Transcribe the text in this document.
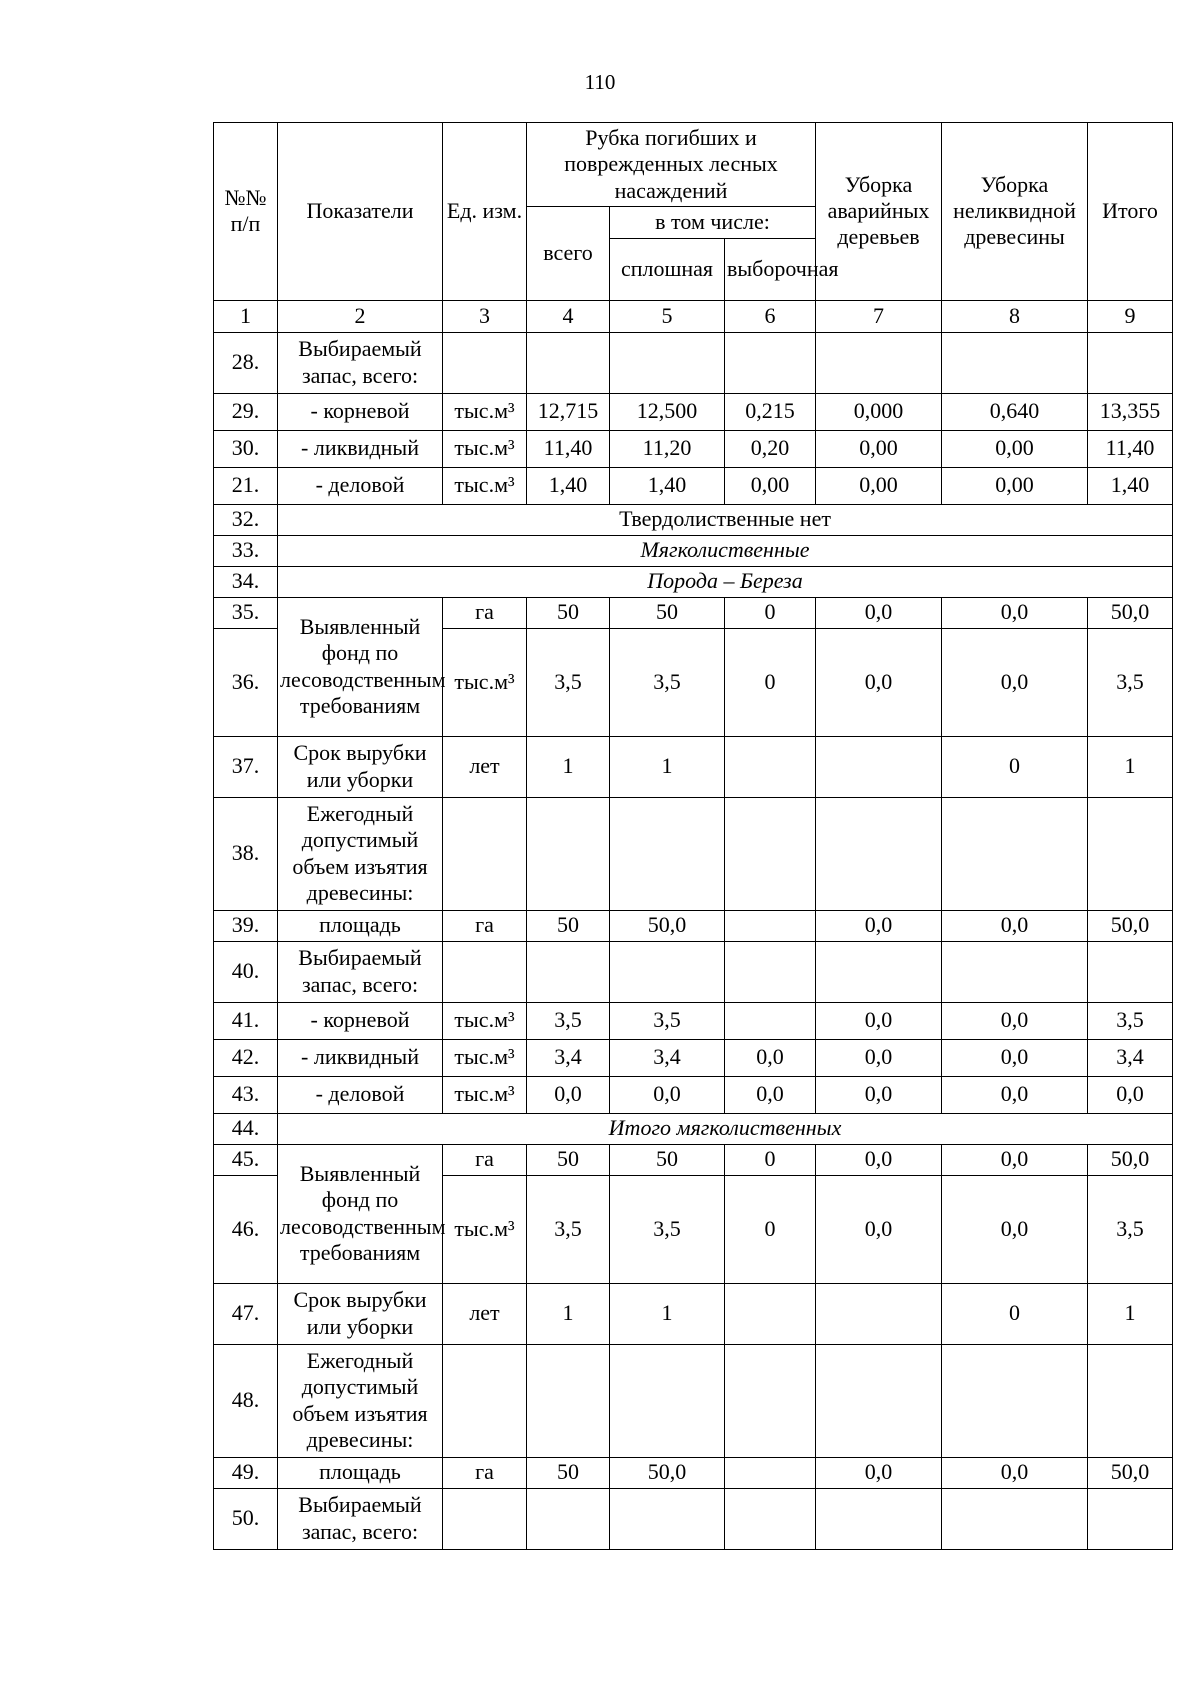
110
№№ п/п	Показатели	Ед. изм.	Рубка погибших и поврежденных лесных насаждений			Уборка аварийных деревьев	Уборка неликвидной древесины	Итого
			всего	в том числе:				
				сплошная	выборочная			
1	2	3	4	5	6	7	8	9
28.	Выбираемый запас, всего:							
29.	- корневой	тыс.м³	12,715	12,500	0,215	0,000	0,640	13,355
30.	- ликвидный	тыс.м³	11,40	11,20	0,20	0,00	0,00	11,40
21.	- деловой	тыс.м³	1,40	1,40	0,00	0,00	0,00	1,40
32.	Твердолиственные нет							
33.	Мягколиственные							
34.	Порода – Береза							
35.	Выявленный фонд по лесоводственным требованиям	га	50	50	0	0,0	0,0	50,0
36.		тыс.м³	3,5	3,5	0	0,0	0,0	3,5
37.	Срок вырубки или уборки	лет	1	1			0	1
38.	Ежегодный допустимый объем изъятия древесины:							
39.	площадь	га	50	50,0		0,0	0,0	50,0
40.	Выбираемый запас, всего:							
41.	- корневой	тыс.м³	3,5	3,5		0,0	0,0	3,5
42.	- ликвидный	тыс.м³	3,4	3,4	0,0	0,0	0,0	3,4
43.	- деловой	тыс.м³	0,0	0,0	0,0	0,0	0,0	0,0
44.	Итого мягколиственных							
45.	Выявленный фонд по лесоводственным требованиям	га	50	50	0	0,0	0,0	50,0
46.		тыс.м³	3,5	3,5	0	0,0	0,0	3,5
47.	Срок вырубки или уборки	лет	1	1			0	1
48.	Ежегодный допустимый объем изъятия древесины:							
49.	площадь	га	50	50,0		0,0	0,0	50,0
50.	Выбираемый запас, всего:							
